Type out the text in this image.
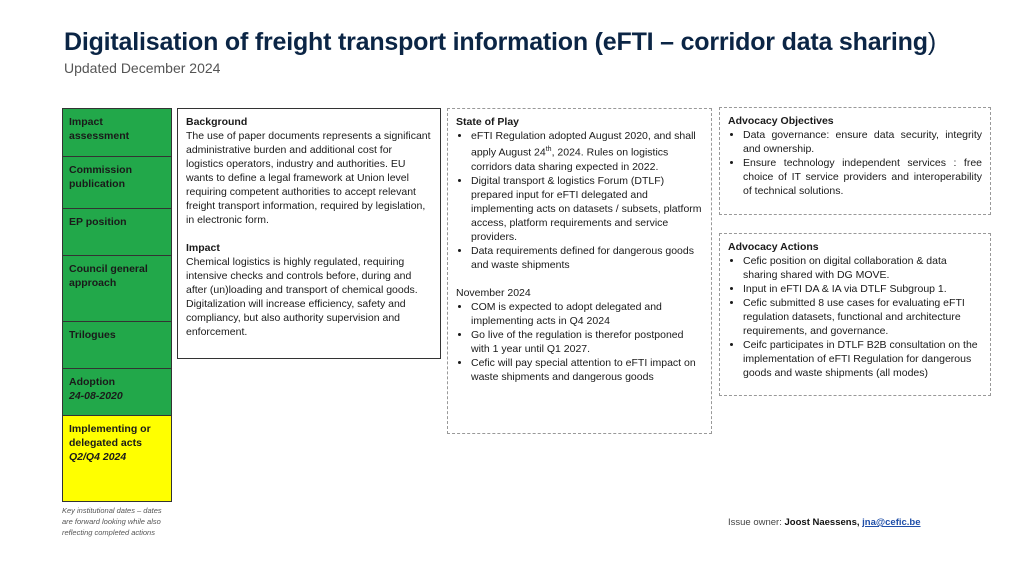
Digitalisation of freight transport information (eFTI – corridor data sharing)
Updated December 2024
Impact assessment
Commission publication
EP position
Council general approach
Trilogues
Adoption
24-08-2020
Implementing or delegated acts
Q2/Q4 2024
Key institutional dates – dates are forward looking while also reflecting completed actions
Background

The use of paper documents represents a significant administrative burden and additional cost for logistics operators, industry and authorities. EU wants to define a legal framework at Union level requiring competent authorities to accept relevant freight transport information, required by legislation, in electronic form.

Impact

Chemical logistics is highly regulated, requiring intensive checks and controls before, during and after (un)loading and transport of chemical goods. Digitalization will increase efficiency, safety and compliancy, but also authority supervision and enforcement.

State of Play
• eFTI Regulation adopted August 2020, and shall apply August 24th, 2024. Rules on logistics corridors data sharing expected in 2022.
• Digital transport & logistics Forum (DTLF) prepared input for eFTI delegated and implementing acts on datasets / subsets, platform access, platform requirements and service providers.
• Data requirements defined for dangerous goods and waste shipments

November 2024

• COM is expected to adopt delegated and implementing acts in Q4 2024
• Go live of the regulation is therefor postponed with 1 year until Q1 2027.
• Cefic will pay special attention to eFTI impact on waste shipments and dangerous goods
Advocacy Objectives
• Data governance: ensure data security, integrity and ownership.
• Ensure technology independent services : free choice of IT service providers and interoperability of technical solutions.
Advocacy Actions
• Cefic position on digital collaboration & data sharing shared with DG MOVE.
• Input in eFTI DA & IA via DTLF Subgroup 1.
• Cefic submitted 8 use cases for evaluating eFTI regulation datasets, functional and architecture requirements, and governance.
• Ceifc participates in DTLF B2B consultation on the implementation of eFTI Regulation for dangerous goods and waste shipments (all modes)
Issue owner: Joost Naessens, jna@cefic.be
